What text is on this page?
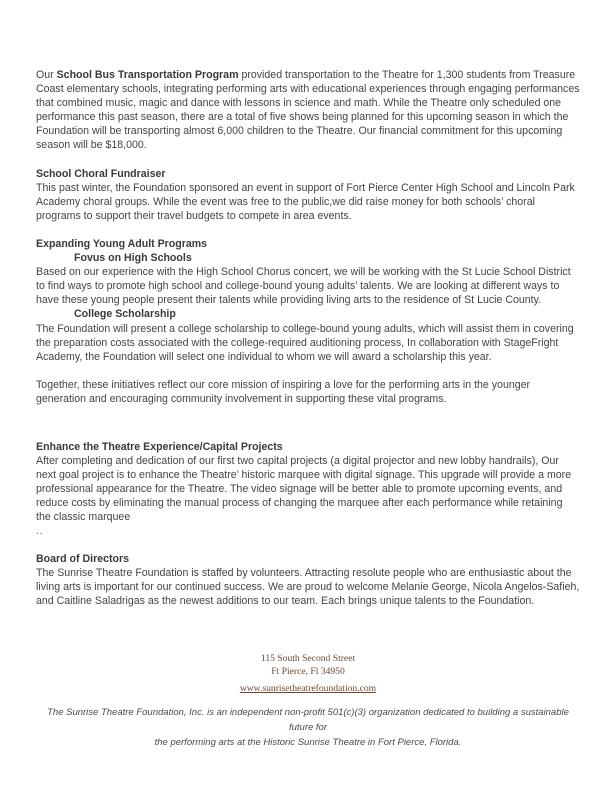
Our School Bus Transportation Program provided transportation to the Theatre for 1,300 students from Treasure Coast elementary schools, integrating performing arts with educational experiences through engaging performances that combined music, magic and dance with lessons in science and math. While the Theatre only scheduled one performance this past season, there are a total of five shows being planned for this upcoming season in which the Foundation will be transporting almost 6,000 children to the Theatre. Our financial commitment for this upcoming season will be $18,000.

School Choral Fundraiser

This past winter, the Foundation sponsored an event in support of Fort Pierce Center High School and Lincoln Park Academy choral groups. While the event was free to the public,we did raise money for both schools’ choral programs to support their travel budgets to compete in area events.

Expanding Young Adult Programs

Fovus on High Schools

Based on our experience with the High School Chorus concert, we will be working with the St Lucie School District to find ways to promote high school and college-bound young adults’ talents. We are looking at different ways to have these young people present their talents while providing living arts to the residence of St Lucie County.

College Scholarship

The Foundation will present a college scholarship to college-bound young adults, which will assist them in covering the preparation costs associated with the college-required auditioning process, In collaboration with StageFright Academy, the Foundation will select one individual to whom we will award a scholarship this year.

Together, these initiatives reflect our core mission of inspiring a love for the performing arts in the younger generation and encouraging community involvement in supporting these vital programs.

Enhance the Theatre Experience/Capital Projects

After completing and dedication of our first two capital projects (a digital projector and new lobby handrails), Our next goal project is to enhance the Theatre’ historic marquee with digital signage. This upgrade will provide a more professional appearance for the Theatre. The video signage will be better able to promote upcoming events, and reduce costs by eliminating the manual process of changing the marquee after each performance while retaining the classic marquee

..

Board of Directors

The Sunrise Theatre Foundation is staffed by volunteers. Attracting resolute people who are enthusiastic about the living arts is important for our continued success. We are proud to welcome Melanie George, Nicola Angelos-Safieh, and Caitline Saladrigas as the newest additions to our team. Each brings unique talents to the Foundation.

115 South Second Street

Ft Pierce, Fl 34950

www.sunrisetheatrefoundation.com

The Sunrise Theatre Foundation, Inc. is an independent non-profit 501(c)(3) organization dedicated to building a sustainable future for
the performing arts at the Historic Sunrise Theatre in Fort Pierce, Florida.
